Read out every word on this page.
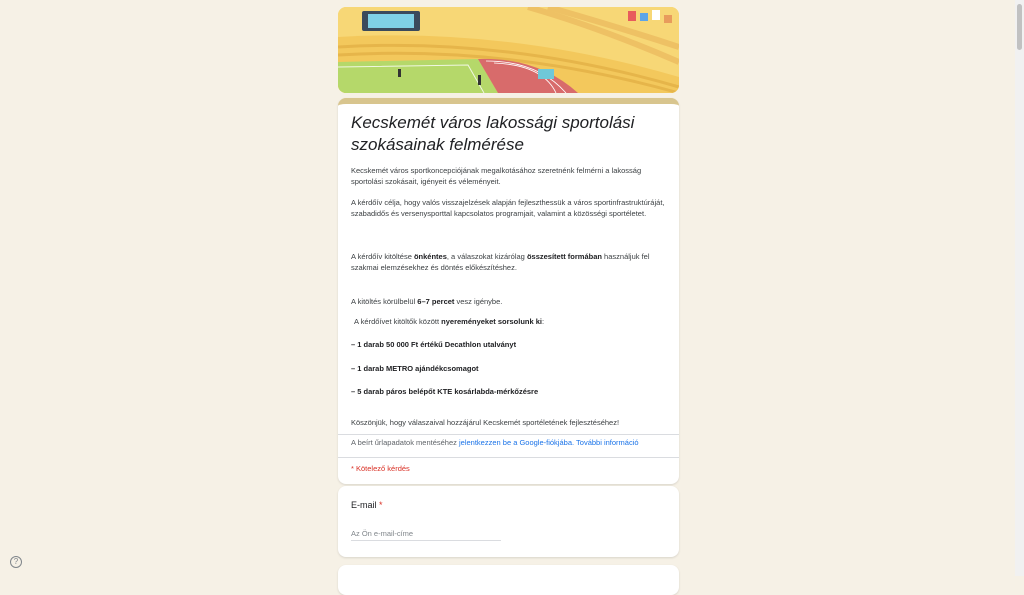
Kecskemét város lakossági sportolási szokásainak felmérése
Kecskemét város sportkoncepciójának megalkotásához szeretnénk felmérni a lakosság sportolási szokásait, igényeit és véleményeit.
A kérdőív célja, hogy valós visszajelzések alapján fejleszthessük a város sportinfrastruktúráját, szabadidős és versenysporttal kapcsolatos programjait, valamint a közösségi sportéletet.
A kérdőív kitöltése önkéntes, a válaszokat kizárólag összesített formában használjuk fel szakmai elemzésekhez és döntés előkészítéshez.
A kitöltés körülbelül 6–7 percet vesz igénybe.
A kérdőívet kitöltők között nyereményeket sorsolunk ki:
– 1 darab 50 000 Ft értékű Decathlon utalványt
– 1 darab METRO ajándékcsomagot
– 5 darab páros belépőt KTE kosárlabda-mérkőzésre
Köszönjük, hogy válaszaival hozzájárul Kecskemét sportéletének fejlesztéséhez!
A beírt űrlapadatok mentéséhez jelentkezzen be a Google-fiókjába. További információ
* Kötelező kérdés
E-mail *
Az Ön e-mail-címe
?
